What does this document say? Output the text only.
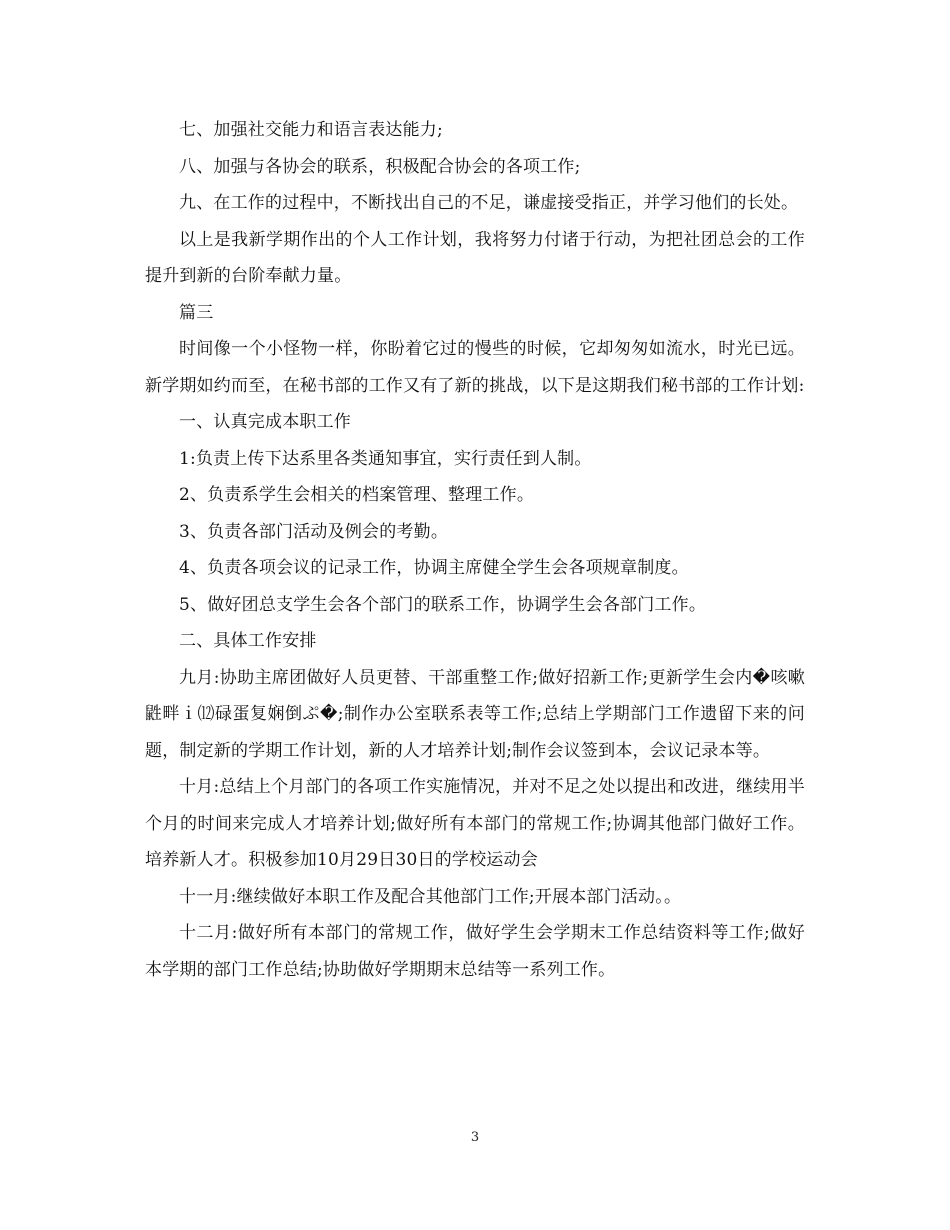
七、加强社交能力和语言表达能力;

八、加强与各协会的联系，积极配合协会的各项工作;

九、在工作的过程中，不断找出自己的不足，谦虚接受指正，并学习他们的长处。

以上是我新学期作出的个人工作计划，我将努力付诸于行动，为把社团总会的工作提升到新的台阶奉献力量。

篇三

时间像一个小怪物一样，你盼着它过的慢些的时候，它却匆匆如流水，时光已远。新学期如约而至，在秘书部的工作又有了新的挑战，以下是这期我们秘书部的工作计划:

一、认真完成本职工作

1:负责上传下达系里各类通知事宜，实行责任到人制。

2、负责系学生会相关的档案管理、整理工作。

3、负责各部门活动及例会的考勤。

4、负责各项会议的记录工作，协调主席健全学生会各项规章制度。

5、做好团总支学生会各个部门的联系工作，协调学生会各部门工作。

二、具体工作安排

九月:协助主席团做好人员更替、干部重整工作;做好招新工作;更新学生会内�咳嗽鼪畔ｉ⑿碌蛋复娴倒ぷ�;制作办公室联系表等工作;总结上学期部门工作遗留下来的问题，制定新的学期工作计划，新的人才培养计划;制作会议签到本，会议记录本等。

十月:总结上个月部门的各项工作实施情况，并对不足之处以提出和改进，继续用半个月的时间来完成人才培养计划;做好所有本部门的常规工作;协调其他部门做好工作。培养新人才。积极参加10月29日30日的学校运动会

十一月:继续做好本职工作及配合其他部门工作;开展本部门活动。。

十二月:做好所有本部门的常规工作，做好学生会学期末工作总结资料等工作;做好本学期的部门工作总结;协助做好学期期末总结等一系列工作。

3
